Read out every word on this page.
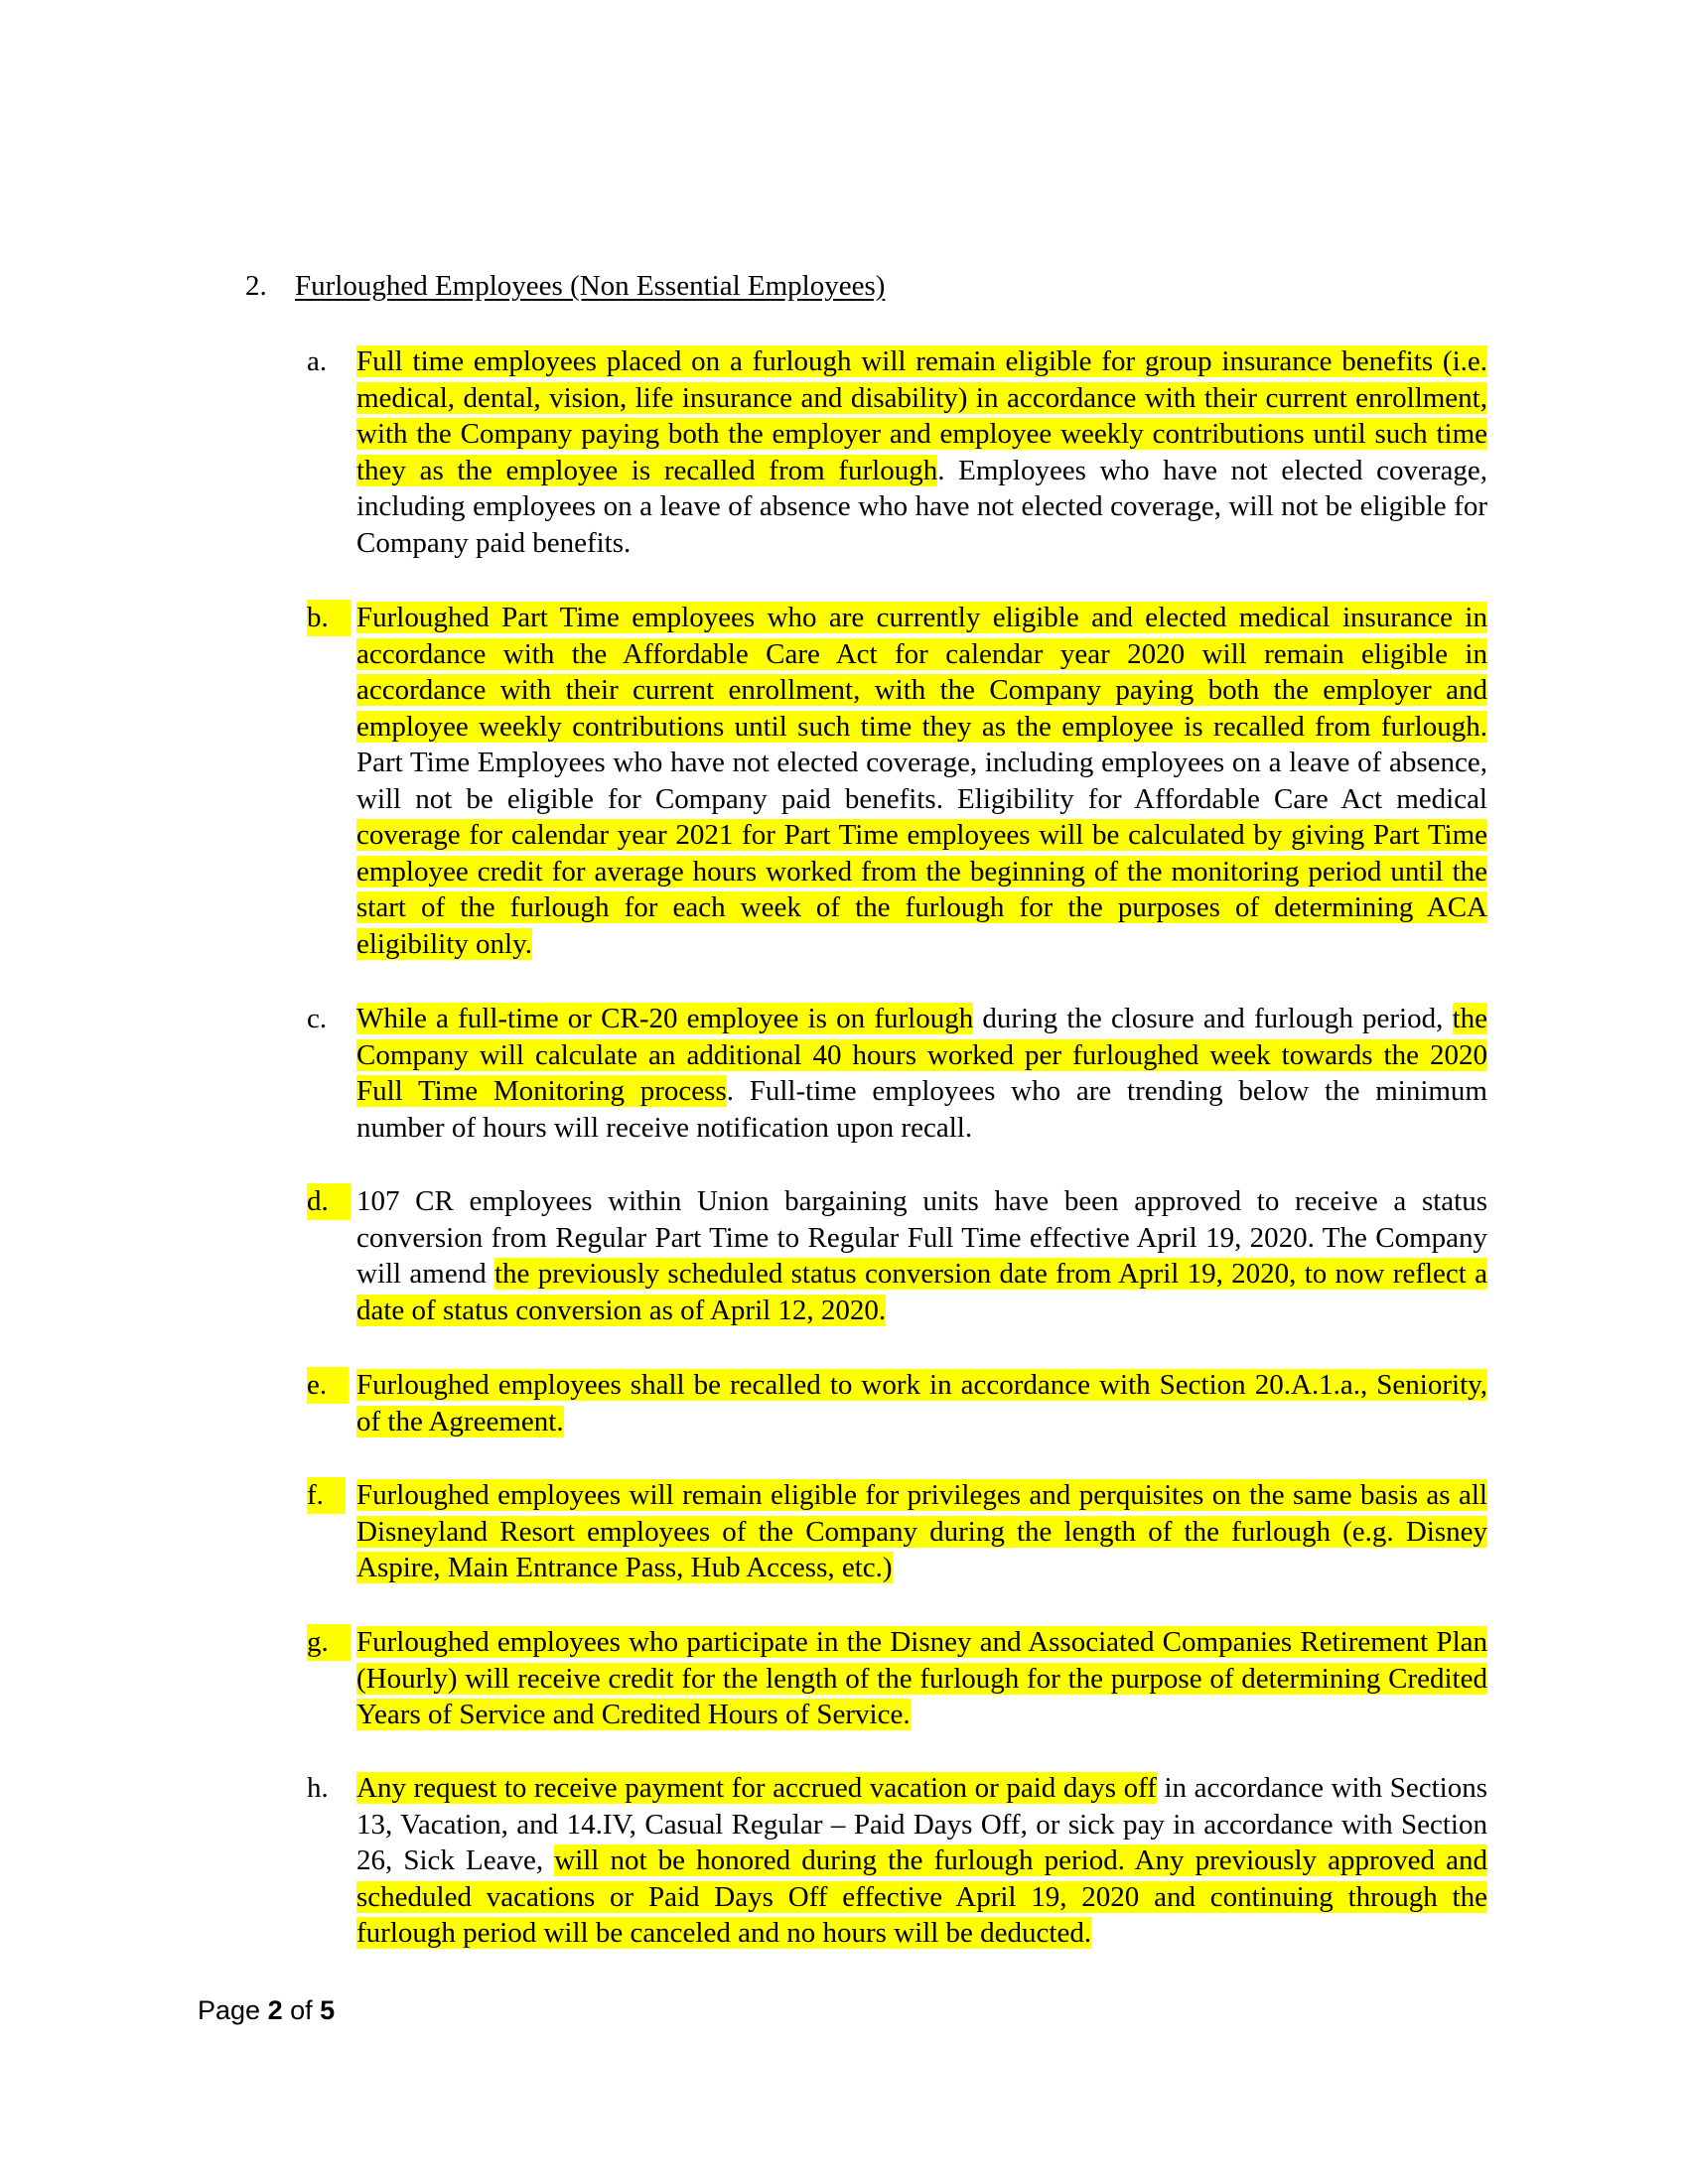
2. Furloughed Employees (Non Essential Employees)
a.	Full time employees placed on a furlough will remain eligible for group insurance benefits (i.e. medical, dental, vision, life insurance and disability) in accordance with their current enrollment, with the Company paying both the employer and employee weekly contributions until such time they as the employee is recalled from furlough. Employees who have not elected coverage, including employees on a leave of absence who have not elected coverage, will not be eligible for Company paid benefits.
b. Furloughed Part Time employees who are currently eligible and elected medical insurance in accordance with the Affordable Care Act for calendar year 2020 will remain eligible in accordance with their current enrollment, with the Company paying both the employer and employee weekly contributions until such time they as the employee is recalled from furlough. Part Time Employees who have not elected coverage, including employees on a leave of absence, will not be eligible for Company paid benefits. Eligibility for Affordable Care Act medical coverage for calendar year 2021 for Part Time employees will be calculated by giving Part Time employee credit for average hours worked from the beginning of the monitoring period until the start of the furlough for each week of the furlough for the purposes of determining ACA eligibility only.
c.	While a full-time or CR-20 employee is on furlough during the closure and furlough period, the Company will calculate an additional 40 hours worked per furloughed week towards the 2020 Full Time Monitoring process. Full-time employees who are trending below the minimum number of hours will receive notification upon recall.
d. 107 CR employees within Union bargaining units have been approved to receive a status conversion from Regular Part Time to Regular Full Time effective April 19, 2020. The Company will amend the previously scheduled status conversion date from April 19, 2020, to now reflect a date of status conversion as of April 12, 2020.
e.	Furloughed employees shall be recalled to work in accordance with Section 20.A.1.a., Seniority, of the Agreement.
f.	Furloughed employees will remain eligible for privileges and perquisites on the same basis as all Disneyland Resort employees of the Company during the length of the furlough (e.g. Disney Aspire, Main Entrance Pass, Hub Access, etc.)
g. Furloughed employees who participate in the Disney and Associated Companies Retirement Plan (Hourly) will receive credit for the length of the furlough for the purpose of determining Credited Years of Service and Credited Hours of Service.
h. Any request to receive payment for accrued vacation or paid days off in accordance with Sections 13, Vacation, and 14.IV, Casual Regular – Paid Days Off, or sick pay in accordance with Section 26, Sick Leave, will not be honored during the furlough period. Any previously approved and scheduled vacations or Paid Days Off effective April 19, 2020 and continuing through the furlough period will be canceled and no hours will be deducted.
Page 2 of 5
